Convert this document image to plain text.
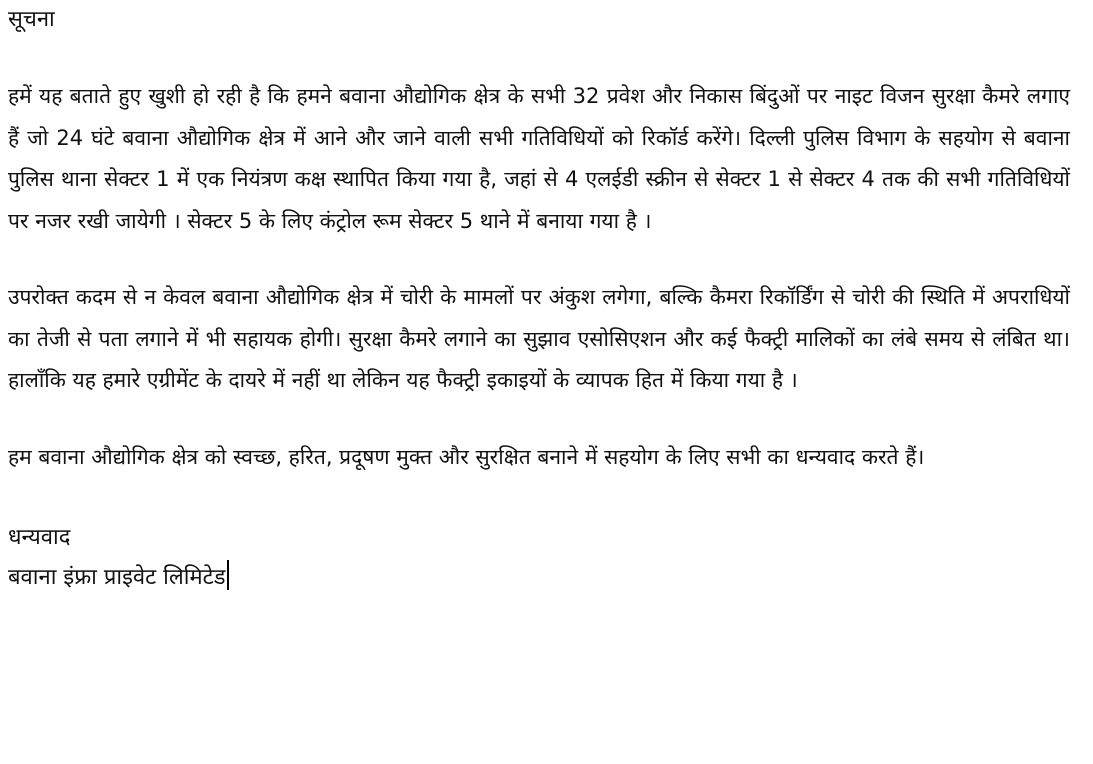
सूचना

हमें यह बताते हुए खुशी हो रही है कि हमने बवाना औद्योगिक क्षेत्र के सभी 32 प्रवेश और निकास बिंदुओं पर नाइट विजन सुरक्षा कैमरे लगाए हैं जो 24 घंटे बवाना औद्योगिक क्षेत्र में आने और जाने वाली सभी गतिविधियों को रिकॉर्ड करेंगे। दिल्ली पुलिस विभाग के सहयोग से बवाना पुलिस थाना सेक्टर 1 में एक नियंत्रण कक्ष स्थापित किया गया है, जहां से 4 एलईडी स्क्रीन से सेक्टर 1 से सेक्टर 4 तक की सभी गतिविधियों पर नजर रखी जायेगी । सेक्टर 5 के लिए कंट्रोल रूम सेक्टर 5 थाने में बनाया गया है ।

उपरोक्त कदम से न केवल बवाना औद्योगिक क्षेत्र में चोरी के मामलों पर अंकुश लगेगा, बल्कि कैमरा रिकॉर्डिंग से चोरी की स्थिति में अपराधियों का तेजी से पता लगाने में भी सहायक होगी। सुरक्षा कैमरे लगाने का सुझाव एसोसिएशन और कई फैक्ट्री मालिकों का लंबे समय से लंबित था। हालाँकि यह हमारे एग्रीमेंट के दायरे में नहीं था लेकिन यह फैक्ट्री इकाइयों के व्यापक हित में किया गया है ।

हम बवाना औद्योगिक क्षेत्र को स्वच्छ, हरित, प्रदूषण मुक्त और सुरक्षित बनाने में सहयोग के लिए सभी का धन्यवाद करते हैं।

धन्यवाद

बवाना इंफ्रा प्राइवेट लिमिटेड
